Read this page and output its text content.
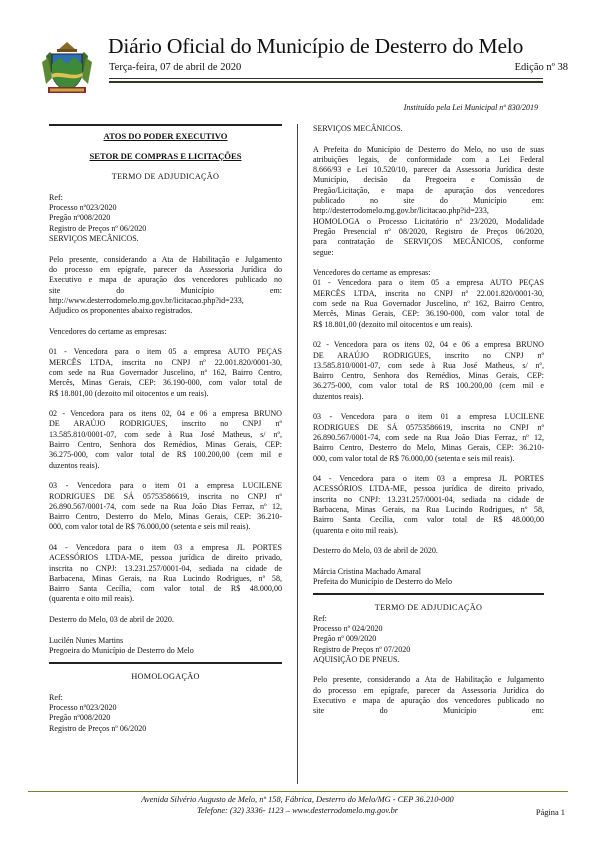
Diário Oficial do Município de Desterro do Melo
Terça-feira, 07 de abril de 2020	Edição nº 38
Instituído pela Lei Municipal nº 830/2019

ATOS DO PODER EXECUTIVO

SETOR DE COMPRAS E LICITAÇÕES

TERMO DE ADJUDICAÇÃO

Ref:

Processo nº023/2020

Pregão nº008/2020

Registro de Preços nº 06/2020

SERVIÇOS MECÂNICOS.

Pelo presente, considerando a Ata de Habilitação e Julgamento

do processo em epígrafe, parecer da Assessoria Jurídica do

Executivo e mapa de apuração dos vencedores publicado no

site do Município em:

http://www.desterrodomelo.mg.gov.br/licitacao.php?id=233,

Adjudico os proponentes abaixo registrados.

Vencedores do certame as empresas:

01 - Vencedora para o item 05 a empresa AUTO PEÇAS

MERCÊS LTDA, inscrita no CNPJ nº 22.001.820/0001-30,

com sede na Rua Governador Juscelino, nº 162, Bairro Centro,

Mercês, Minas Gerais, CEP: 36.190-000, com valor total de

R$ 18.801,00 (dezoito mil oitocentos e um reais).

02 - Vencedora para os itens 02, 04 e 06 a empresa BRUNO

DE ARAÚJO RODRIGUES, inscrito no CNPJ nº

13.585.810/0001-07, com sede à Rua José Matheus, s/ nº,

Bairro Centro, Senhora dos Remédios, Minas Gerais, CEP:

36.275-000, com valor total de R$ 100.200,00 (cem mil e

duzentos reais).

03 - Vencedora para o item 01 a empresa LUCILENE

RODRIGUES DE SÁ 05753586619, inscrita no CNPJ nº

26.890.567/0001-74, com sede na Rua João Dias Ferraz, nº 12,

Bairro Centro, Desterro do Melo, Minas Gerais, CEP: 36.210-

000, com valor total de R$ 76.000,00 (setenta e seis mil reais).

04 - Vencedora para o item 03 a empresa JL PORTES

ACESSÓRIOS LTDA-ME, pessoa jurídica de direito privado,

inscrita no CNPJ: 13.231.257/0001-04, sediada na cidade de

Barbacena, Minas Gerais, na Rua Lucindo Rodrigues, nº 58,

Bairro Santa Cecília, com valor total de R$ 48.000,00

(quarenta e oito mil reais).

Desterro do Melo, 03 de abril de 2020.

Lucilén Nunes Martins

Pregoeira do Município de Desterro do Melo

HOMOLOGAÇÃO

Ref:

Processo nº023/2020

Pregão nº008/2020

Registro de Preços nº 06/2020

SERVIÇOS MECÂNICOS.

A Prefeita do Município de Desterro do Melo, no uso de suas

atribuições legais, de conformidade com a Lei Federal

8.666/93 e Lei 10.520/10, parecer da Assessoria Jurídica deste

Município, decisão da Pregoeira e Comissão de

Pregão/Licitação, e mapa de apuração dos vencedores

publicado no site do Município em:

http://desterrodomelo.mg.gov.br/licitacao.php?id=233,

HOMOLOGA o Processo Licitatório nº 23/2020, Modalidade

Pregão Presencial nº 08/2020, Registro de Preços 06/2020,

para contratação de SERVIÇOS MECÂNICOS, conforme

segue:

Vencedores do certame as empresas:

01 - Vencedora para o item 05 a empresa AUTO PEÇAS

MERCÊS LTDA, inscrita no CNPJ nº 22.001.820/0001-30,

com sede na Rua Governador Juscelino, nº 162, Bairro Centro,

Mercês, Minas Gerais, CEP: 36.190-000, com valor total de

R$ 18.801,00 (dezoito mil oitocentos e um reais).

02 - Vencedora para os itens 02, 04 e 06 a empresa BRUNO

DE ARAÚJO RODRIGUES, inscrito no CNPJ nº

13.585.810/0001-07, com sede à Rua José Matheus, s/ nº,

Bairro Centro, Senhora dos Remédios, Minas Gerais, CEP:

36.275-000, com valor total de R$ 100.200,00 (cem mil e

duzentos reais).

03 - Vencedora para o item 01 a empresa LUCILENE

RODRIGUES DE SÁ 05753586619, inscrita no CNPJ nº

26.890.567/0001-74, com sede na Rua João Dias Ferraz, nº 12,

Bairro Centro, Desterro do Melo, Minas Gerais, CEP: 36.210-

000, com valor total de R$ 76.000,00 (setenta e seis mil reais).

04 - Vencedora para o item 03 a empresa JL PORTES

ACESSÓRIOS LTDA-ME, pessoa jurídica de direito privado,

inscrita no CNPJ: 13.231.257/0001-04, sediada na cidade de

Barbacena, Minas Gerais, na Rua Lucindo Rodrigues, nº 58,

Bairro Santa Cecília, com valor total de R$ 48.000,00

(quarenta e oito mil reais).

Desterro do Melo, 03 de abril de 2020.

Márcia Cristina Machado Amaral

Prefeita do Município de Desterro do Melo

TERMO DE ADJUDICAÇÃO

Ref:

Processo nº 024/2020

Pregão nº 009/2020

Registro de Preços nº 07/2020

AQUISIÇÃO DE PNEUS.

Pelo presente, considerando a Ata de Habilitação e Julgamento

do processo em epígrafe, parecer da Assessoria Jurídica do

Executivo e mapa de apuração dos vencedores publicado no

site do Município em:

Avenida Silvério Augusto de Melo, nº 158, Fábrica, Desterro do Melo/MG - CEP 36.210-000
Telefone: (32) 3336- 1123 – www.desterrodomelo.mg.gov.br	Página 1
